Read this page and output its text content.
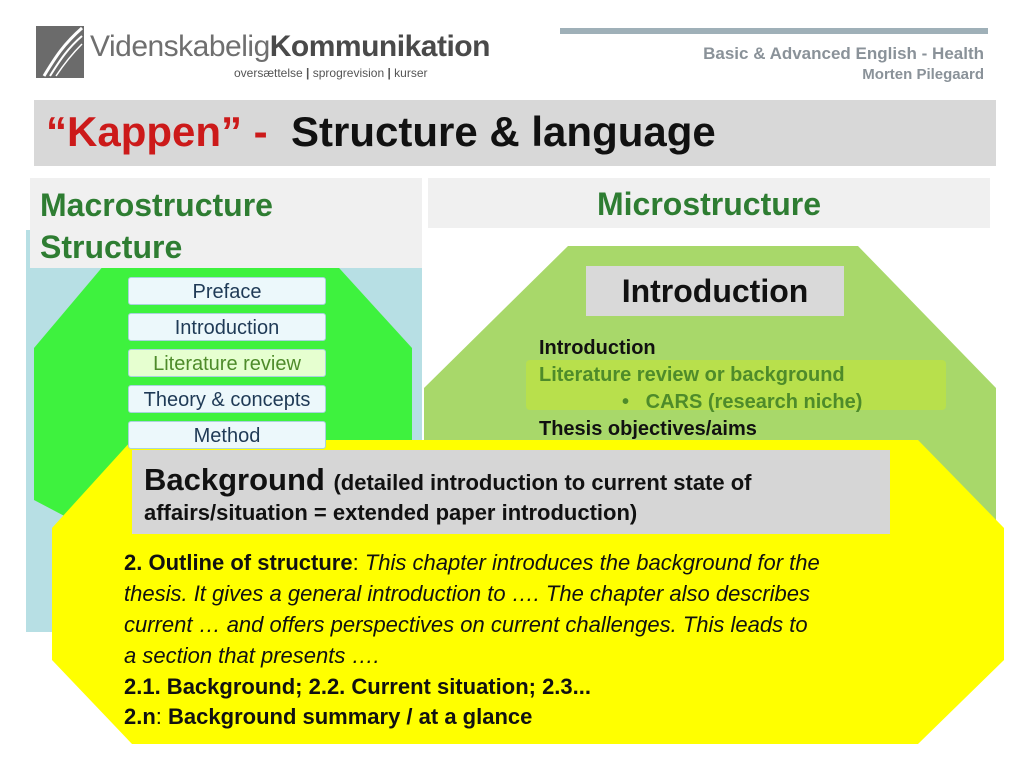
VidenskabeligKommunikation
oversættelse | sprogrevision | kurser
Basic & Advanced English - Health
Morten Pilegaard
“Kappen” - Structure & language
Macrostructure
Structure
Preface
Introduction
Literature review
Theory & concepts
Method
Microstructure
Introduction
Introduction
Literature review or background
•   CARS (research niche)
Thesis objectives/aims
Background (detailed introduction to current state of
affairs/situation = extended paper introduction)
2. Outline of structure: This chapter introduces the background for the
thesis. It gives a general introduction to …. The chapter also describes
current … and offers perspectives on current challenges. This leads to
a section that presents ….
2.1. Background; 2.2. Current situation; 2.3...
2.n: Background summary / at a glance
